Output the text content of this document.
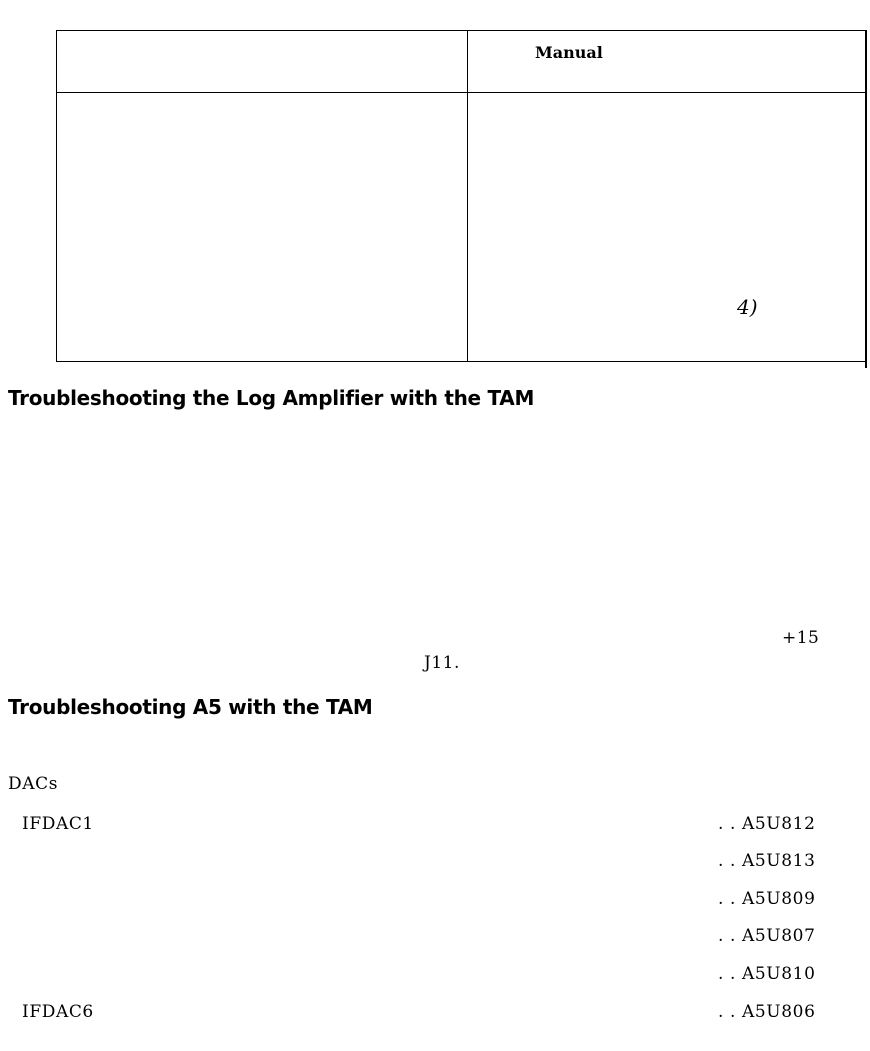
Manual
4)
Troubleshooting the Log Amplifier with the TAM
+15
J11.
Troubleshooting A5 with the TAM
DACs
IFDAC1	. . A5U812
. . A5U813
. . A5U809
. . A5U807
. . A5U810
IFDAC6	. . A5U806
